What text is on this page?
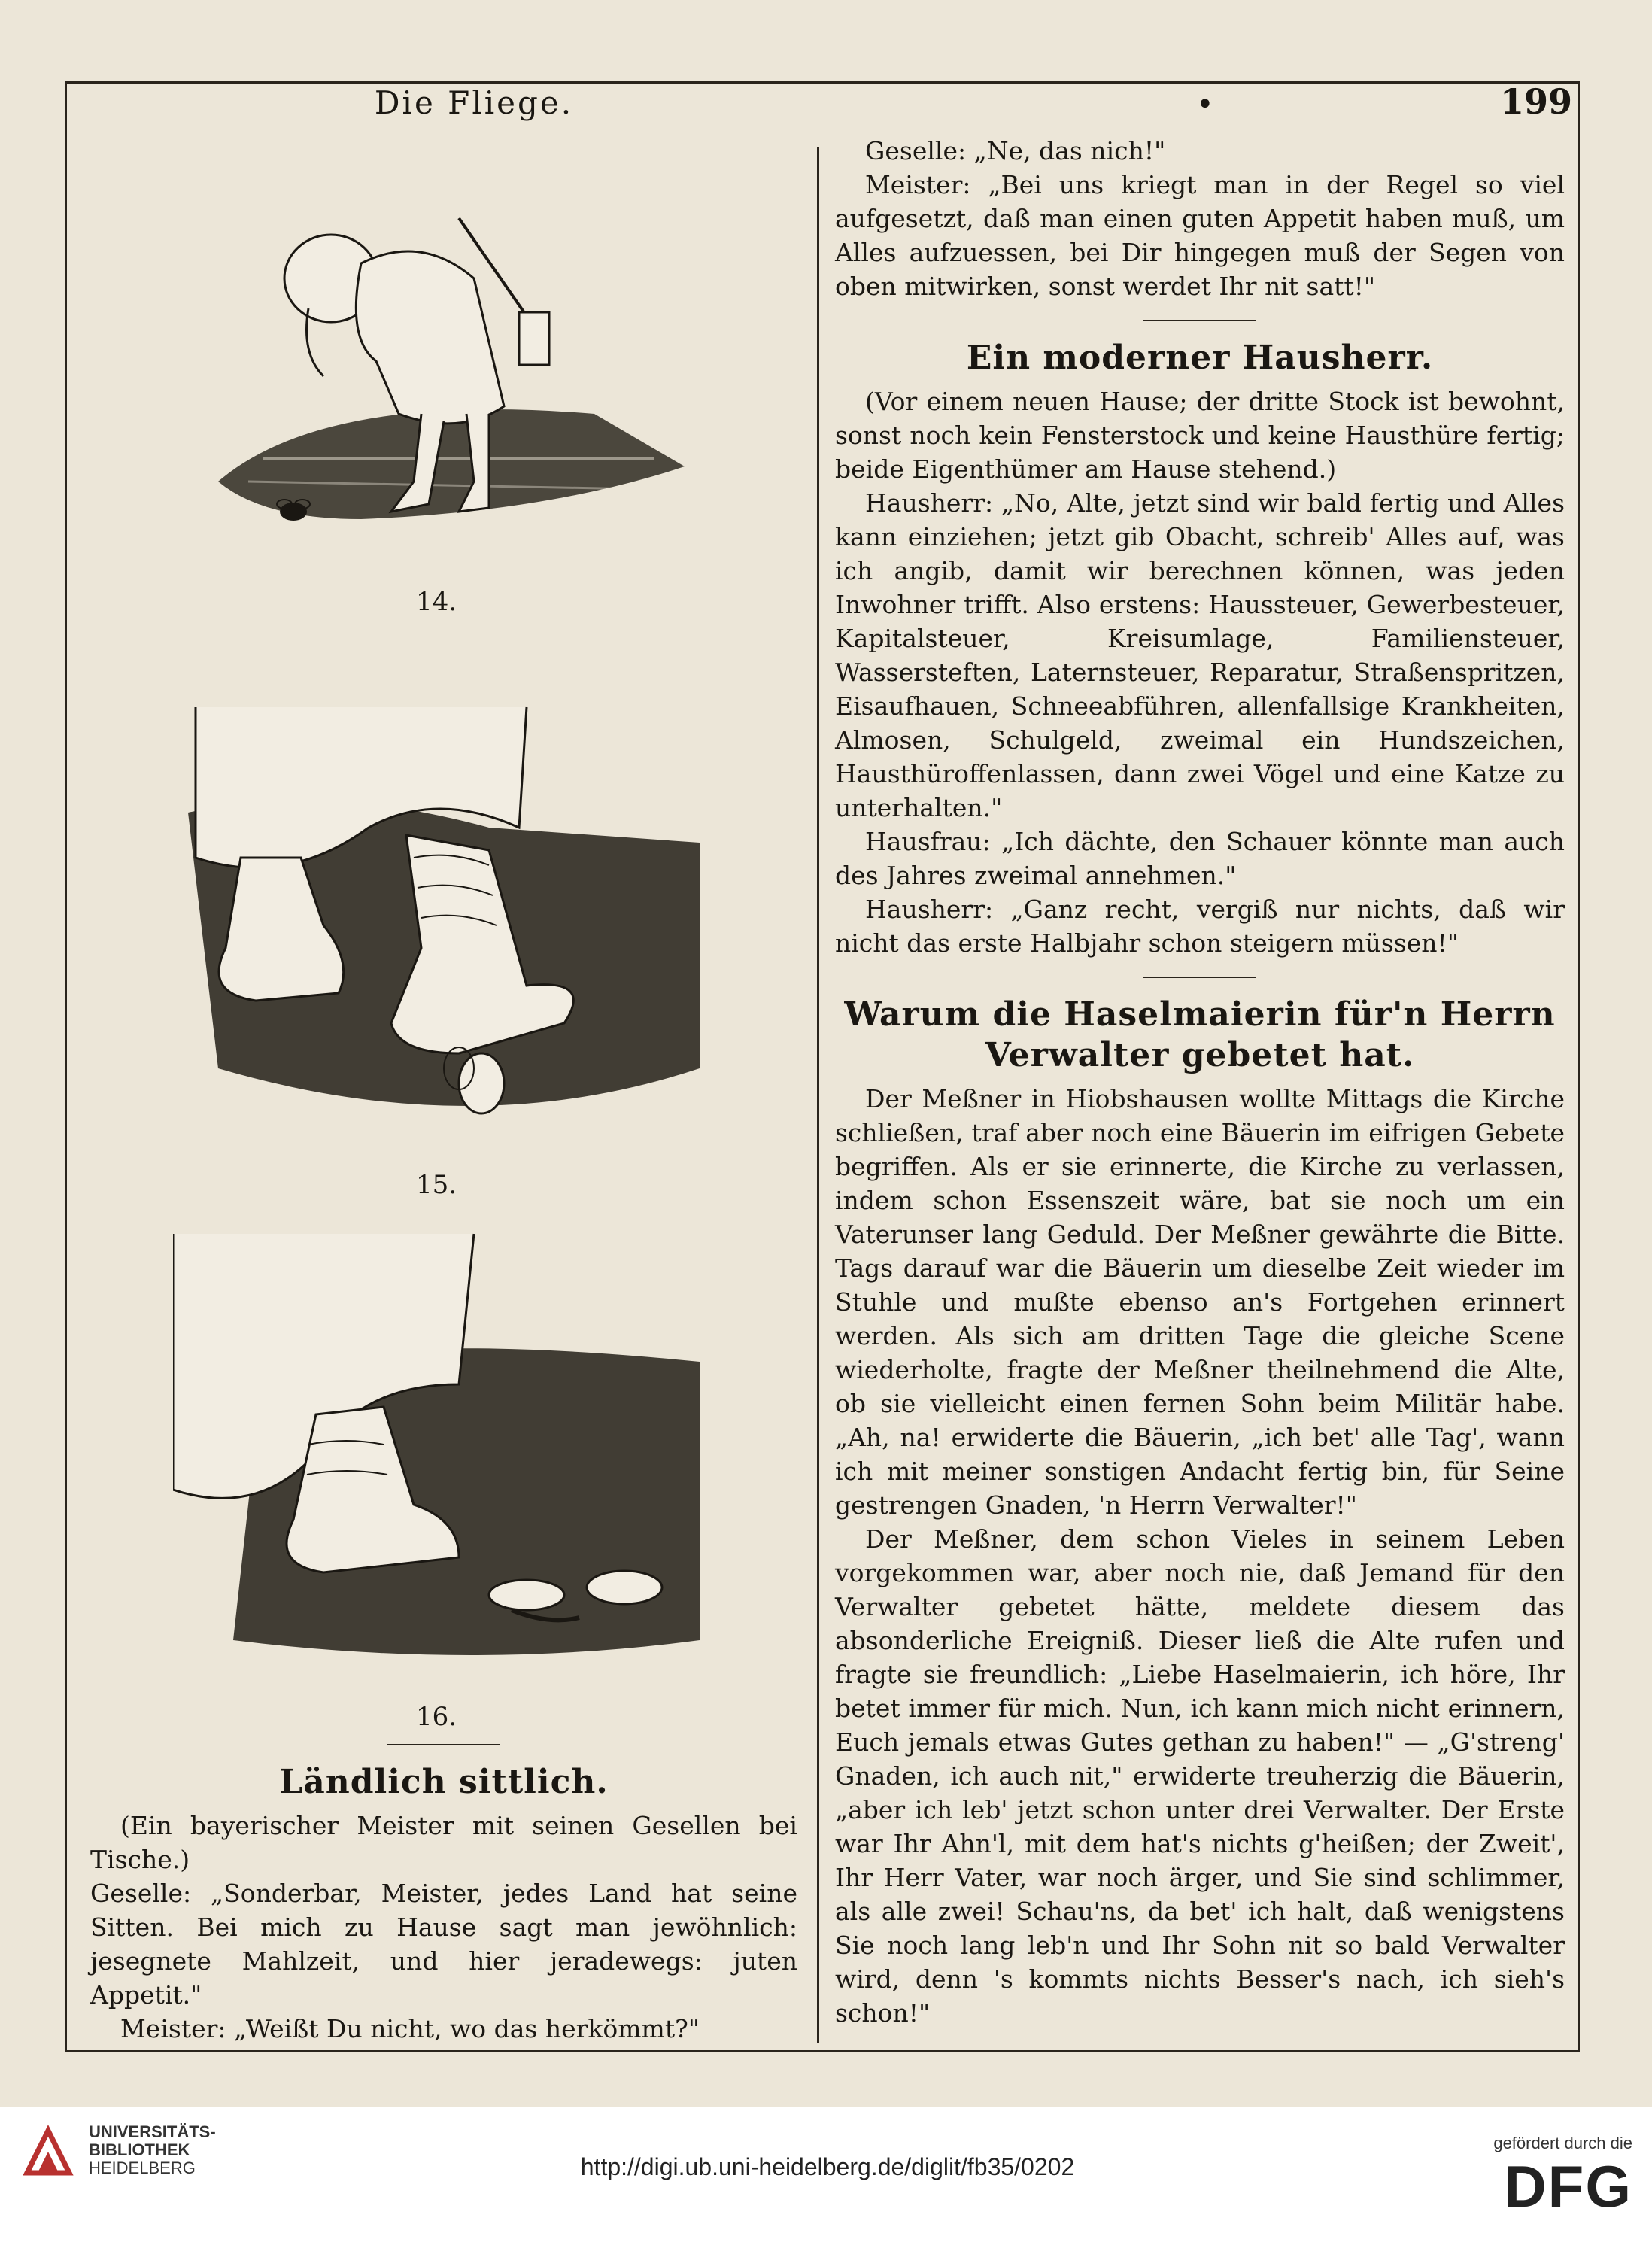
Die Fliege.	•	199
14.
15.
16.
Ländlich sittlich.

(Ein bayerischer Meister mit seinen Gesellen bei Tische.)

Geselle: „Sonderbar, Meister, jedes Land hat seine Sitten. Bei mich zu Hause sagt man jewöhnlich: jesegnete Mahlzeit, und hier jeradewegs: juten Appetit."

Meister: „Weißt Du nicht, wo das herkömmt?"

Geselle: „Ne, das nich!"

Meister: „Bei uns kriegt man in der Regel so viel aufgesetzt, daß man einen guten Appetit haben muß, um Alles aufzuessen, bei Dir hingegen muß der Segen von oben mitwirken, sonst werdet Ihr nit satt!"

Ein moderner Hausherr.

(Vor einem neuen Hause; der dritte Stock ist bewohnt, sonst noch kein Fensterstock und keine Hausthüre fertig; beide Eigenthümer am Hause stehend.)

Hausherr: „No, Alte, jetzt sind wir bald fertig und Alles kann einziehen; jetzt gib Obacht, schreib' Alles auf, was ich angib, damit wir berechnen können, was jeden Inwohner trifft. Also erstens: Haussteuer, Gewerbesteuer, Kapitalsteuer, Kreisumlage, Familiensteuer, Wassersteften, Laternsteuer, Reparatur, Straßenspritzen, Eisaufhauen, Schneeabführen, allenfallsige Krankheiten, Almosen, Schulgeld, zweimal ein Hundszeichen, Hausthüroffenlassen, dann zwei Vögel und eine Katze zu unterhalten."

Hausfrau: „Ich dächte, den Schauer könnte man auch des Jahres zweimal annehmen."

Hausherr: „Ganz recht, vergiß nur nichts, daß wir nicht das erste Halbjahr schon steigern müssen!"

Warum die Haselmaierin für'n Herrn Verwalter gebetet hat.

Der Meßner in Hiobshausen wollte Mittags die Kirche schließen, traf aber noch eine Bäuerin im eifrigen Gebete begriffen. Als er sie erinnerte, die Kirche zu verlassen, indem schon Essenszeit wäre, bat sie noch um ein Vaterunser lang Geduld. Der Meßner gewährte die Bitte. Tags darauf war die Bäuerin um dieselbe Zeit wieder im Stuhle und mußte ebenso an's Fortgehen erinnert werden. Als sich am dritten Tage die gleiche Scene wiederholte, fragte der Meßner theilnehmend die Alte, ob sie vielleicht einen fernen Sohn beim Militär habe. „Ah, na! erwiderte die Bäuerin, „ich bet' alle Tag', wann ich mit meiner sonstigen Andacht fertig bin, für Seine gestrengen Gnaden, 'n Herrn Verwalter!"

Der Meßner, dem schon Vieles in seinem Leben vorgekommen war, aber noch nie, daß Jemand für den Verwalter gebetet hätte, meldete diesem das absonderliche Ereigniß. Dieser ließ die Alte rufen und fragte sie freundlich: „Liebe Haselmaierin, ich höre, Ihr betet immer für mich. Nun, ich kann mich nicht erinnern, Euch jemals etwas Gutes gethan zu haben!" — „G'streng' Gnaden, ich auch nit," erwiderte treuherzig die Bäuerin, „aber ich leb' jetzt schon unter drei Verwalter. Der Erste war Ihr Ahn'l, mit dem hat's nichts g'heißen; der Zweit', Ihr Herr Vater, war noch ärger, und Sie sind schlimmer, als alle zwei! Schau'ns, da bet' ich halt, daß wenigstens Sie noch lang leb'n und Ihr Sohn nit so bald Verwalter wird, denn 's kommts nichts Besser's nach, ich sieh's schon!"

UNIVERSITÄTS-
BIBLIOTHEK
HEIDELBERG	http://digi.ub.uni-heidelberg.de/diglit/fb35/0202
gefördert durch die
DFG
